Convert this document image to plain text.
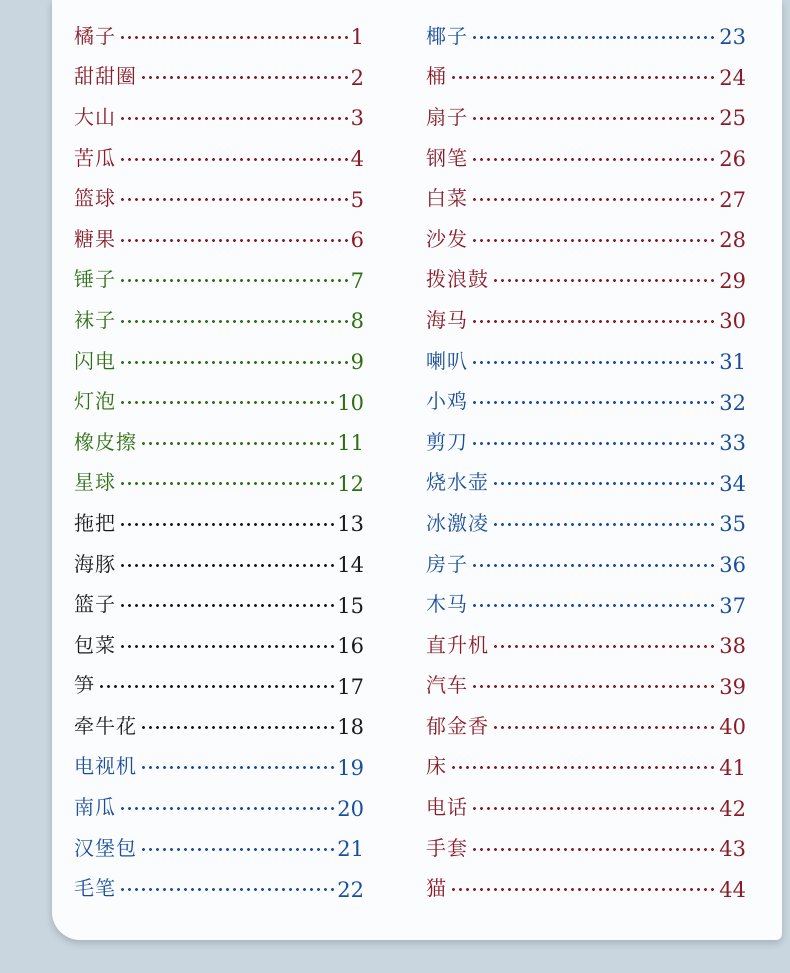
橘子	1
甜甜圈	2
大山	3
苦瓜	4
篮球	5
糖果	6
锤子	7
袜子	8
闪电	9
灯泡	10
橡皮擦	11
星球	12
拖把	13
海豚	14
篮子	15
包菜	16
笋	17
牵牛花	18
电视机	19
南瓜	20
汉堡包	21
毛笔	22
椰子	23
桶	24
扇子	25
钢笔	26
白菜	27
沙发	28
拨浪鼓	29
海马	30
喇叭	31
小鸡	32
剪刀	33
烧水壶	34
冰激凌	35
房子	36
木马	37
直升机	38
汽车	39
郁金香	40
床	41
电话	42
手套	43
猫	44
